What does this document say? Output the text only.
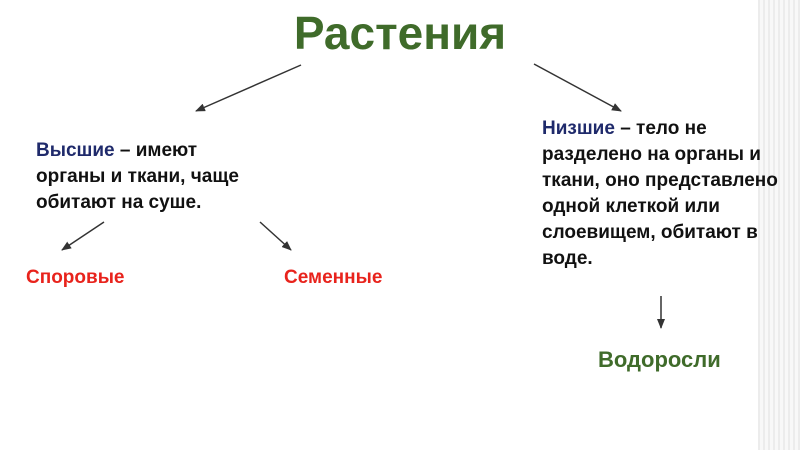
Растения
Высшие – имеют органы и ткани, чаще обитают на суше.
Низшие – тело не разделено на органы и ткани, оно представлено одной клеткой или слоевищем, обитают в воде.
Споровые	Семенные
Водоросли
